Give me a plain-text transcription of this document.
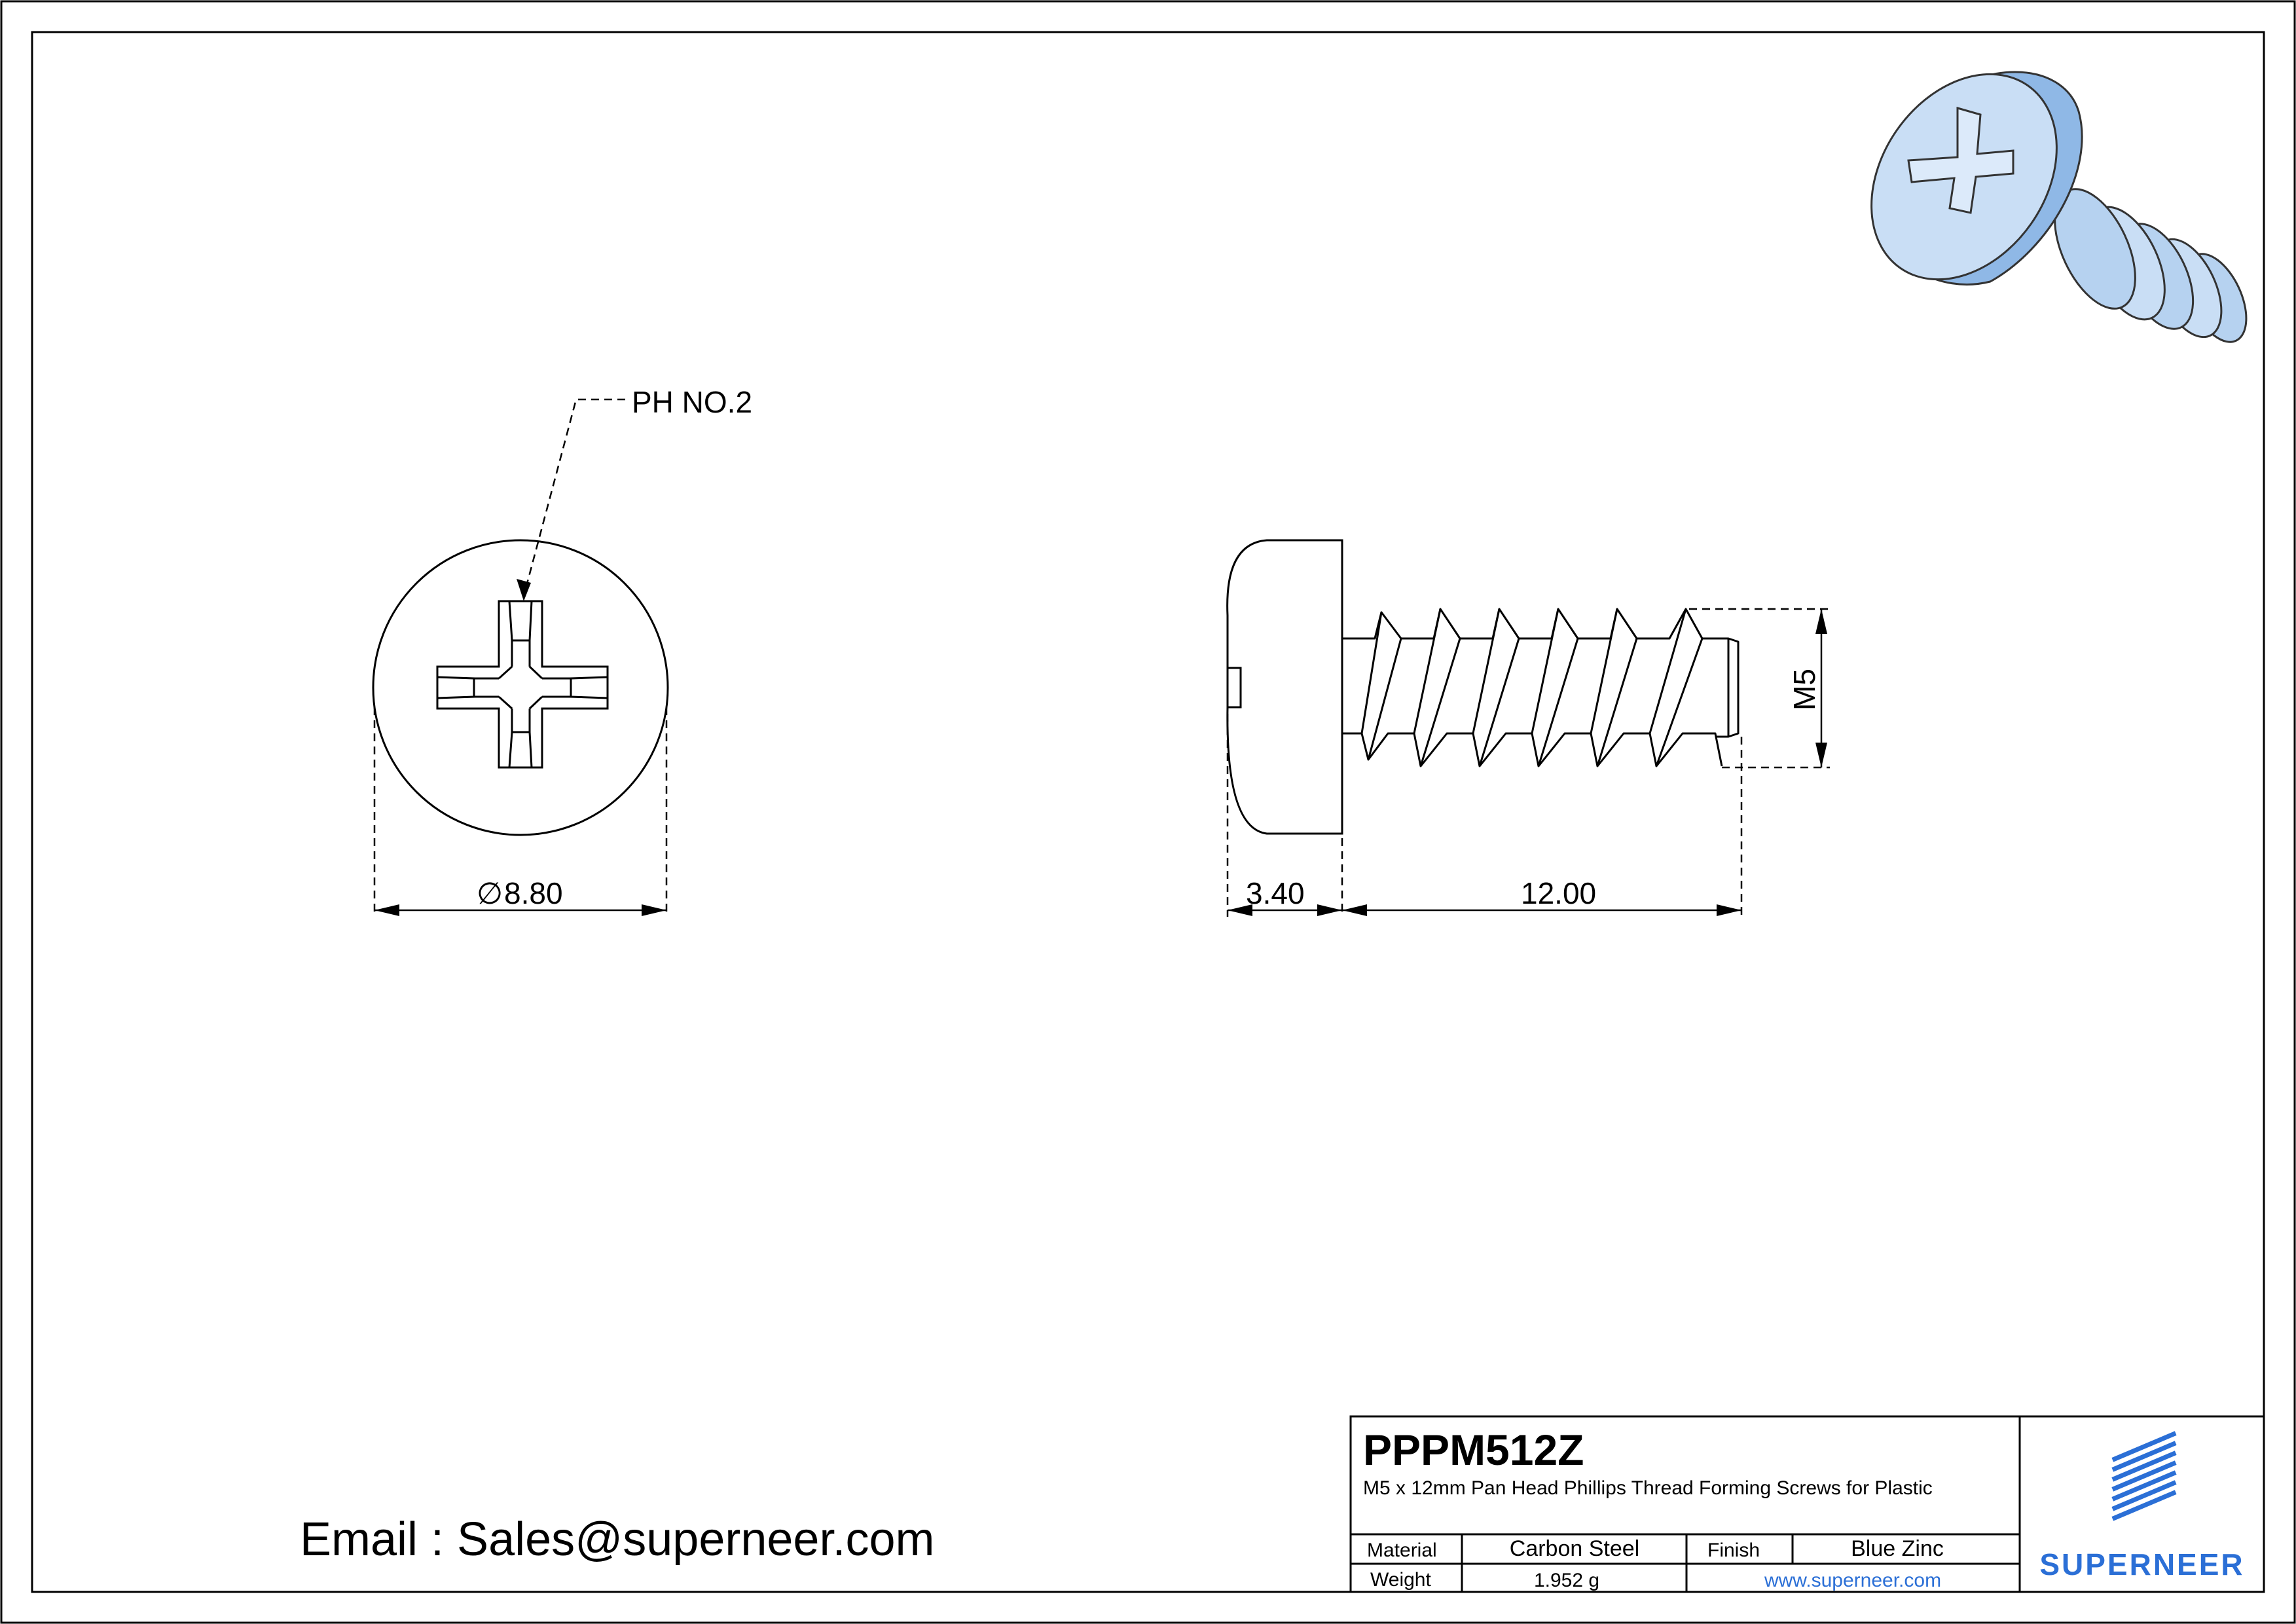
PH NO.2
∅ 8.80
M5
3.40	12.00
Email : Sales@superneer.com
PPPM512Z
M5 x 12mm Pan Head Phillips Thread Forming Screws for Plastic
Material	Carbon Steel	Finish	Blue Zinc
Weight	1.952 g	www.superneer.com	SUPERNEER
